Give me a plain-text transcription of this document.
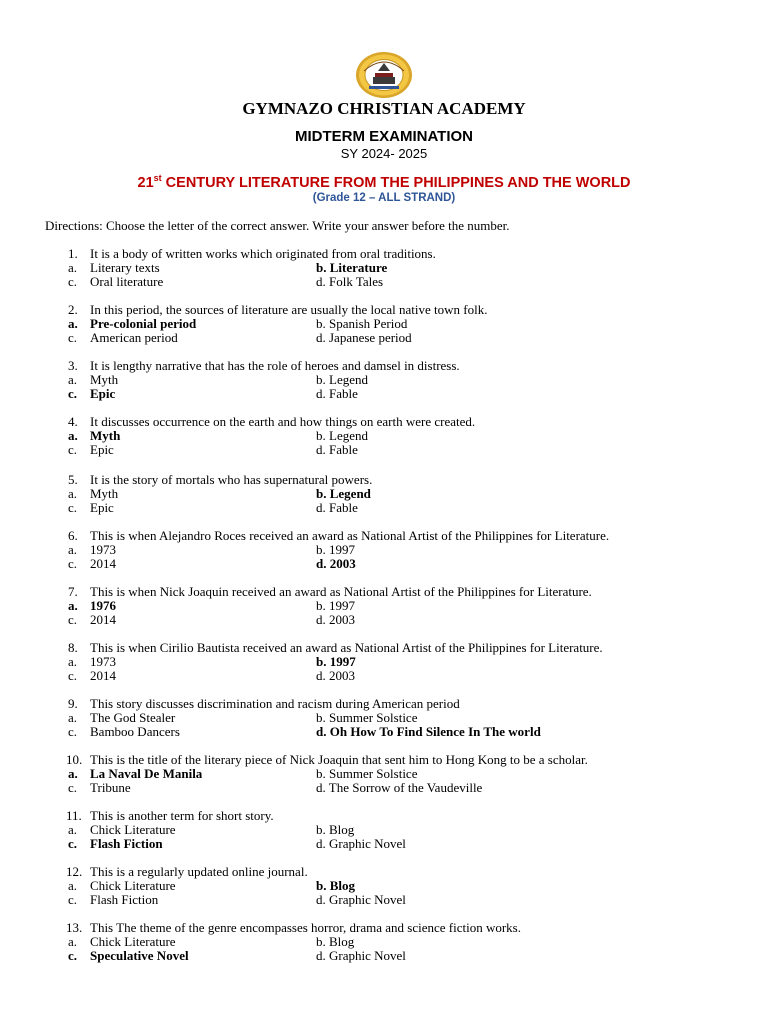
GYMNAZO CHRISTIAN ACADEMY
MIDTERM EXAMINATION
SY 2024- 2025
21st CENTURY LITERATURE FROM THE PHILIPPINES AND THE WORLD
(Grade 12 – ALL STRAND)
Directions: Choose the letter of the correct answer. Write your answer before the number.
1. It is a body of written works which originated from oral traditions.
a. Literary texts	b. Literature
c. Oral literature	d. Folk Tales
2. In this period, the sources of literature are usually the local native town folk.
a. Pre-colonial period	b. Spanish Period
c. American period	d. Japanese period
3. It is lengthy narrative that has the role of heroes and damsel in distress.
a. Myth	b. Legend
c. Epic	d. Fable
4. It discusses occurrence on the earth and how things on earth were created.
a. Myth	b. Legend
c. Epic	d. Fable
5. It is the story of mortals who has supernatural powers.
a. Myth	b. Legend
c. Epic	d. Fable
6. This is when Alejandro Roces received an award as National Artist of the Philippines for Literature.
a. 1973	b. 1997
c. 2014	d. 2003
7. This is when Nick Joaquin received an award as National Artist of the Philippines for Literature.
a. 1976	b. 1997
c. 2014	d. 2003
8. This is when Cirilio Bautista received an award as National Artist of the Philippines for Literature.
a. 1973	b. 1997
c. 2014	d. 2003
9. This story discusses discrimination and racism during American period
a. The God Stealer	b. Summer Solstice
c. Bamboo Dancers	d. Oh How To Find Silence In The world
10. This is the title of the literary piece of Nick Joaquin that sent him to Hong Kong to be a scholar.
a. La Naval De Manila	b. Summer Solstice
c. Tribune	d. The Sorrow of the Vaudeville
11. This is another term for short story.
a. Chick Literature	b. Blog
c. Flash Fiction	d. Graphic Novel
12. This is a regularly updated online journal.
a. Chick Literature	b. Blog
c. Flash Fiction	d. Graphic Novel
13. This The theme of the genre encompasses horror, drama and science fiction works.
a. Chick Literature	b. Blog
c. Speculative Novel	d. Graphic Novel
